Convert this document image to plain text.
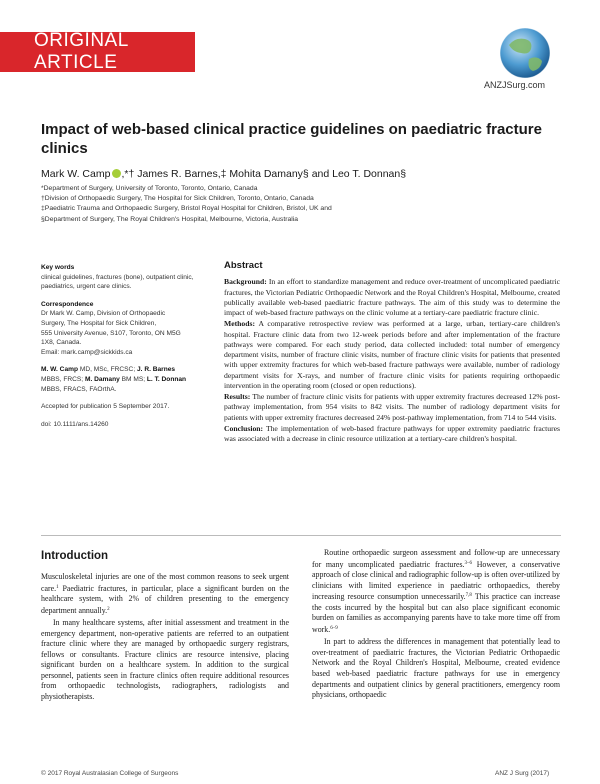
ORIGINAL ARTICLE
ANZJSurg.com
Impact of web-based clinical practice guidelines on paediatric fracture clinics
Mark W. Camp ,*† James R. Barnes,‡ Mohita Damany§ and Leo T. Donnan§
*Department of Surgery, University of Toronto, Toronto, Ontario, Canada
†Division of Orthopaedic Surgery, The Hospital for Sick Children, Toronto, Ontario, Canada
‡Paediatric Trauma and Orthopaedic Surgery, Bristol Royal Hospital for Children, Bristol, UK and
§Department of Surgery, The Royal Children's Hospital, Melbourne, Victoria, Australia
Key words
clinical guidelines, fractures (bone), outpatient clinic, paediatrics, urgent care clinics.
Correspondence
Dr Mark W. Camp, Division of Orthopaedic
Surgery, The Hospital for Sick Children,
555 University Avenue, S107, Toronto, ON M5G
1X8, Canada.
Email: mark.camp@sickkids.ca
M. W. Camp MD, MSc, FRCSC; J. R. Barnes
MBBS, FRCS; M. Damany BM MS; L. T. Donnan
MBBS, FRACS, FAOrthA.
Accepted for publication 5 September 2017.
doi: 10.1111/ans.14260
Abstract

Background: In an effort to standardize management and reduce over-treatment of uncomplicated paediatric fractures, the Victorian Pediatric Orthopaedic Network and the Royal Children's Hospital, Melbourne, created publically available web-based paediatric fracture pathways. The aim of this study was to determine the impact of web-based fracture pathways on the clinic volume at a tertiary-care paediatric fracture clinic.

Methods: A comparative retrospective review was performed at a large, urban, tertiary-care children's hospital. Fracture clinic data from two 12-week periods before and after implementation of the fracture pathways were compared. For each study period, data collected included: total number of emergency department visits, number of fracture clinic visits, number of fracture clinic visits for patients that presented with upper extremity fractures for which web-based fracture pathways were available, number of radiology department visits for X-rays, and number of fracture clinic visits for patients requiring orthopaedic intervention in the operating room (closed or open reductions).

Results: The number of fracture clinic visits for patients with upper extremity fractures decreased 12% post-pathway implementation, from 954 visits to 842 visits. The number of radiology department visits for patients with upper extremity fractures decreased 24% post-pathway implementation, from 714 to 544 visits.

Conclusion: The implementation of web-based fracture pathways for upper extremity paediatric fractures was associated with a decrease in clinic resource utilization at a tertiary-care children's hospital.

Introduction

Musculoskeletal injuries are one of the most common reasons to seek urgent care.$^1$ Paediatric fractures, in particular, place a significant burden on the healthcare system, with 2% of children presenting to the emergency department annually.$^2$

In many healthcare systems, after initial assessment and treatment in the emergency department, non-operative patients are referred to an outpatient fracture clinic where they are managed by orthopaedic surgery registrars, fellows or consultants. Fracture clinics are resource intensive, placing significant burden on a healthcare system. In addition to the surgical personnel, patients seen in fracture clinics often require additional resources from orthopaedic technologists, radiographers, radiologists and physiotherapists.

Routine orthopaedic surgeon assessment and follow-up are unnecessary for many uncomplicated paediatric fractures.$^{3-6}$ However, a conservative approach of close clinical and radiographic follow-up is often over-utilized by clinicians with limited experience in paediatric orthopaedics, thereby increasing resource consumption unnecessarily.$^{7,8}$ This practice can increase the costs incurred by the hospital but can also place significant economic burden on families as accompanying parents have to take more time off from work.$^{6-9}$

In part to address the differences in management that potentially lead to over-treatment of paediatric fractures, the Victorian Pediatric Orthopaedic Network and the Royal Children's Hospital, Melbourne, created evidence based web-based paediatric fracture pathways for use in emergency departments and outpatient clinics by general practitioners, emergency room physicians, orthopaedic

© 2017 Royal Australasian College of Surgeons	ANZ J Surg (2017)
